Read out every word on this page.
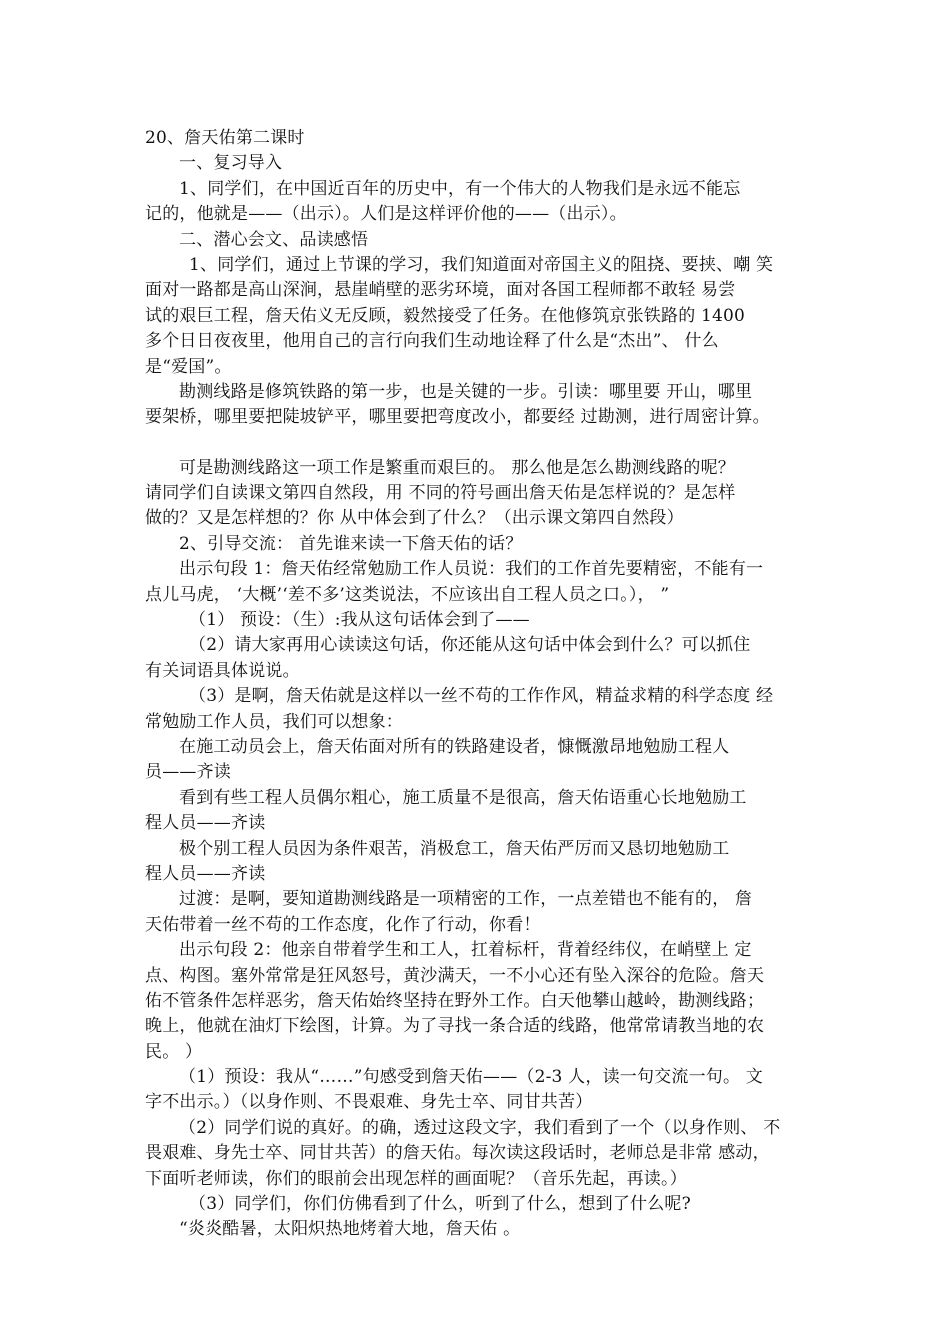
20、詹天佑第二课时
一、复习导入
1、同学们，在中国近百年的历史中，有一个伟大的人物我们是永远不能忘
记的，他就是——（出示）。人们是这样评价他的——（出示）。
二、潜心会文、品读感悟
1、同学们，通过上节课的学习，我们知道面对帝国主义的阻挠、要挟、嘲 笑
面对一路都是高山深涧，悬崖峭壁的恶劣环境，面对各国工程师都不敢轻 易尝
试的艰巨工程，詹天佑义无反顾，毅然接受了任务。在他修筑京张铁路的 1400
多个日日夜夜里，他用自己的言行向我们生动地诠释了什么是“杰出”、 什么
是“爱国”。
勘测线路是修筑铁路的第一步，也是关键的一步。引读：哪里要 开山，哪里
要架桥，哪里要把陡坡铲平，哪里要把弯度改小，都要经 过勘测，进行周密计算。
可是勘测线路这一项工作是繁重而艰巨的。 那么他是怎么勘测线路的呢？
请同学们自读课文第四自然段，用 不同的符号画出詹天佑是怎样说的？是怎样
做的？又是怎样想的？你 从中体会到了什么？（出示课文第四自然段）
2、引导交流： 首先谁来读一下詹天佑的话？
出示句段 1：詹天佑经常勉励工作人员说：我们的工作首先要精密，不能有一
点儿马虎， ‘大概’‘差不多’这类说法，不应该出自工程人员之口。）， ”
（1） 预设：（生）:我从这句话体会到了——
（2）请大家再用心读读这句话，你还能从这句话中体会到什么？可以抓住
有关词语具体说说。
（3）是啊，詹天佑就是这样以一丝不苟的工作作风，精益求精的科学态度 经
常勉励工作人员，我们可以想象：
在施工动员会上，詹天佑面对所有的铁路建设者，慷慨激昂地勉励工程人
员——齐读
看到有些工程人员偶尔粗心，施工质量不是很高，詹天佑语重心长地勉励工
程人员——齐读
极个别工程人员因为条件艰苦，消极怠工，詹天佑严厉而又恳切地勉励工
程人员——齐读
过渡：是啊，要知道勘测线路是一项精密的工作，一点差错也不能有的， 詹
天佑带着一丝不苟的工作态度，化作了行动，你看！
出示句段 2：他亲自带着学生和工人，扛着标杆，背着经纬仪，在峭壁上 定
点、构图。塞外常常是狂风怒号，黄沙满天，一不小心还有坠入深谷的危险。詹天
佑不管条件怎样恶劣，詹天佑始终坚持在野外工作。白天他攀山越岭，勘测线路；
晚上，他就在油灯下绘图，计算。为了寻找一条合适的线路，他常常请教当地的农
民。 ）
（1）预设：我从“……”句感受到詹天佑——（2-3 人，读一句交流一句。 文
字不出示。）（以身作则、不畏艰难、身先士卒、同甘共苦）
（2）同学们说的真好。的确，透过这段文字，我们看到了一个（以身作则、 不
畏艰难、身先士卒、同甘共苦）的詹天佑。每次读这段话时，老师总是非常 感动，
下面听老师读，你们的眼前会出现怎样的画面呢？（音乐先起，再读。）
（3）同学们，你们仿佛看到了什么，听到了什么，想到了什么呢?
“炎炎酷暑，太阳炽热地烤着大地，詹天佑 。
